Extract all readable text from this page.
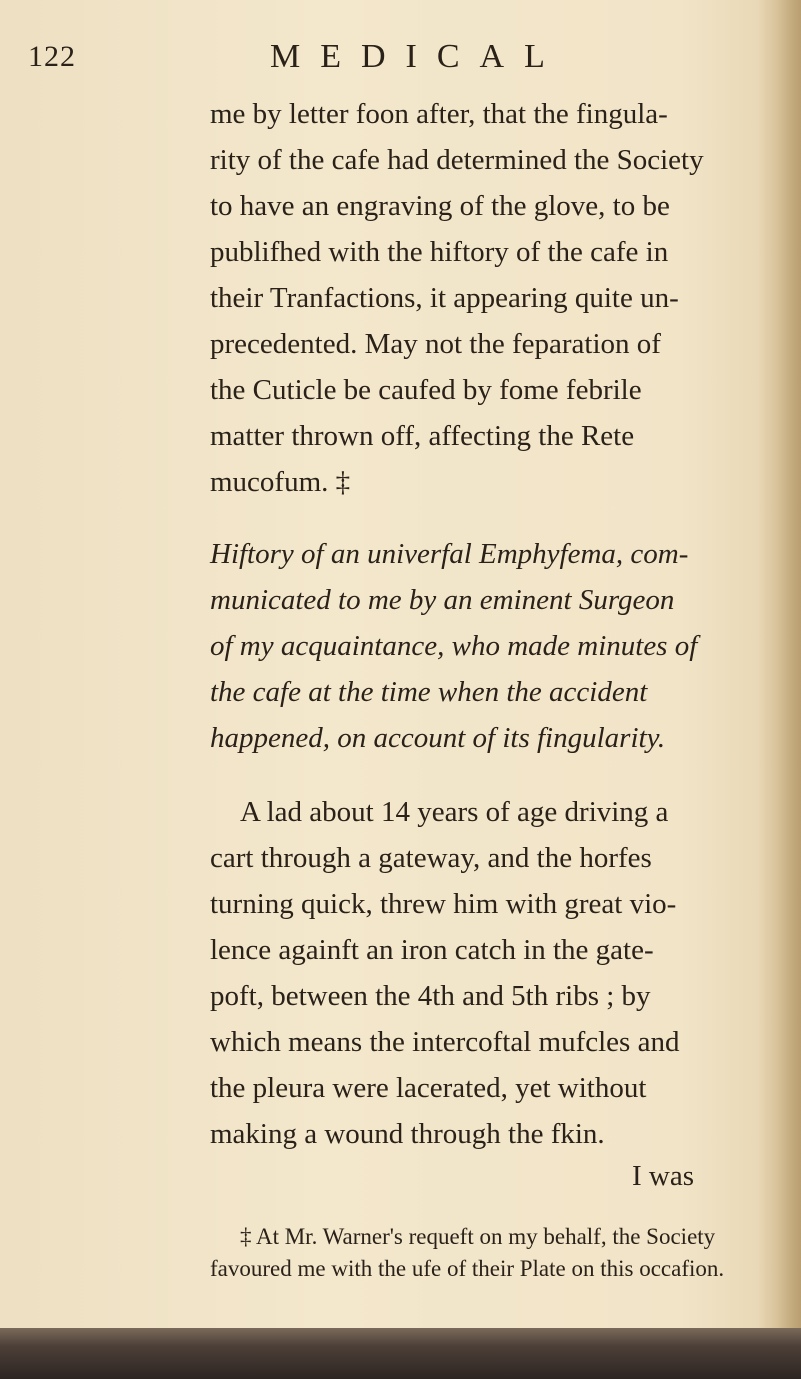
122	MEDICAL
me by letter foon after, that the fingula-
rity of the cafe had determined the Society
to have an engraving of the glove, to be
publifhed with the hiftory of the cafe in
their Tranfactions, it appearing quite un-
precedented. May not the feparation of
the Cuticle be caufed by fome febrile
matter thrown off, affecting the Rete
mucofum. ‡
Hiftory of an univerfal Emphyfema, com-
municated to me by an eminent Surgeon
of my acquaintance, who made minutes of
the cafe at the time when the accident
happened, on account of its fingularity.
A lad about 14 years of age driving a
cart through a gateway, and the horfes
turning quick, threw him with great vio-
lence againft an iron catch in the gate-
poft, between the 4th and 5th ribs ; by
which means the intercoftal mufcles and
the pleura were lacerated, yet without
making a wound through the fkin.
I was
‡ At Mr. Warner's requeft on my behalf, the Society
favoured me with the ufe of their Plate on this occafion.
